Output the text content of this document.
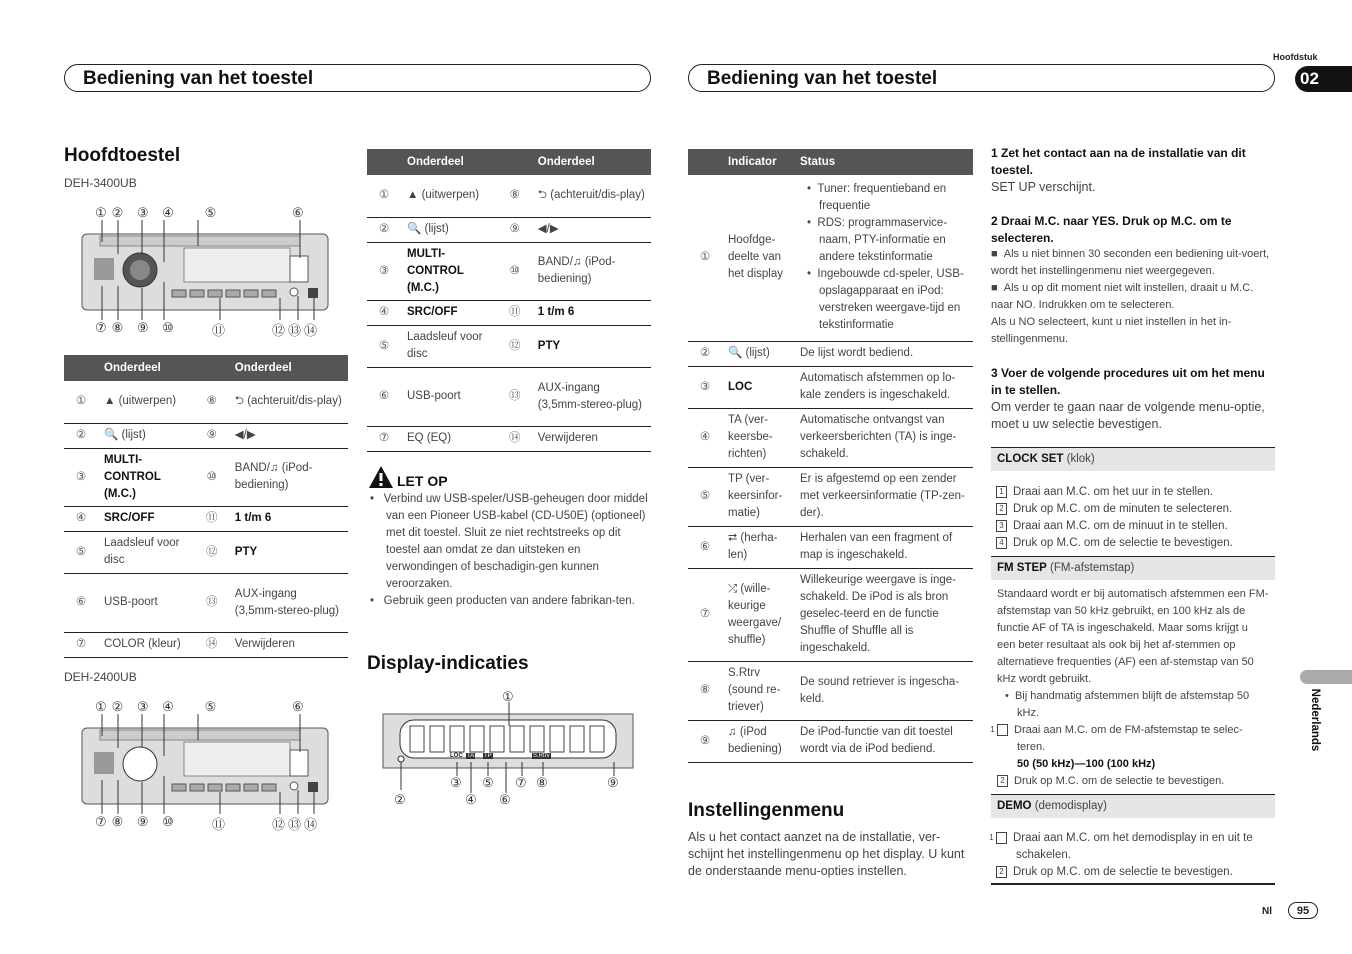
Bediening van het toestel	Bediening van het toestel
Hoofdstuk
02
Nederlands
Nl	95
Hoofdtoestel
DEH-3400UB
①② ③ ④   ⑤	⑥
⑦⑧ ⑨ ⑩	⑪	⑫⑬⑭
	Onderdeel		Onderdeel
①	▲ (uitwerpen)	⑧	⮌ (achteruit/dis-play)
②	🔍 (lijst)	⑨	◀/▶
③	MULTI-CONTROL (M.C.)	⑩	BAND/♫ (iPod-bediening)
④	SRC/OFF	⑪	1 t/m 6
⑤	Laadsleuf voor disc	⑫	PTY
⑥	USB-poort	⑬	AUX-ingang (3,5mm-stereo-plug)
⑦	COLOR (kleur)	⑭	Verwijderen
DEH-2400UB
①② ③ ④   ⑤	⑥
⑦⑧ ⑨ ⑩	⑪	⑫⑬⑭
	Onderdeel		Onderdeel
①	▲ (uitwerpen)	⑧	⮌ (achteruit/dis-play)
②	🔍 (lijst)	⑨	◀/▶
③	MULTI-CONTROL (M.C.)	⑩	BAND/♫ (iPod-bediening)
④	SRC/OFF	⑪	1 t/m 6
⑤	Laadsleuf voor disc	⑫	PTY
⑥	USB-poort	⑬	AUX-ingang (3,5mm-stereo-plug)
⑦	EQ (EQ)	⑭	Verwijderen
LET OP
•   Verbind uw USB-speler/USB-geheugen door middel van een Pioneer USB-kabel (CD-U50E) (optioneel) met dit toestel. Sluit ze niet rechtstreeks op dit toestel aan omdat ze dan uitsteken en verwondingen of beschadigin-gen kunnen veroorzaken.
•   Gebruik geen producten van andere fabrikan-ten.
Display-indicaties
LOC TA TP	S.Rtrv
①
②
③
④
⑤
⑥
⑦ ⑧	⑨
	Indicator	Status
①	Hoofdge-deelte van het display	•  Tuner: frequentieband en frequentie
•  RDS: programmaservice-naam, PTY-informatie en andere tekstinformatie
•  Ingebouwde cd-speler, USB-opslagapparaat en iPod: verstreken weergave-tijd en tekstinformatie

②	🔍 (lijst)	De lijst wordt bediend.
③	LOC	Automatisch afstemmen op lo-kale zenders is ingeschakeld.
④	TA (ver-keersbe-richten)	Automatische ontvangst van verkeersberichten (TA) is inge-schakeld.
⑤	TP (ver-keersinfor-matie)	Er is afgestemd op een zender met verkeersinformatie (TP-zen-der).
⑥	⮂ (herha-len)	Herhalen van een fragment of map is ingeschakeld.
⑦	⤮ (wille-keurige weergave/ shuffle)	Willekeurige weergave is inge-schakeld. De iPod is als bron geselec-teerd en de functie Shuffle of Shuffle all is ingeschakeld.
⑧	S.Rtrv (sound re-triever)	De sound retriever is ingescha-keld.
⑨	♫ (iPod bediening)	De iPod-functie van dit toestel wordt via de iPod bediend.
Instellingenmenu
Als u het contact aanzet na de installatie, ver-schijnt het instellingenmenu op het display. U kunt de onderstaande menu-opties instellen.
1 Zet het contact aan na de installatie van dit toestel.
SET UP verschijnt.
2 Draai M.C. naar YES. Druk op M.C. om te selecteren.
■  Als u niet binnen 30 seconden een bediening uit-voert, wordt het instellingenmenu niet weergegeven.
■  Als u op dit moment niet wilt instellen, draait u M.C. naar NO. Indrukken om te selecteren.
Als u NO selecteert, kunt u niet instellen in het in-stellingenmenu.
3 Voer de volgende procedures uit om het menu in te stellen.
Om verder te gaan naar de volgende menu-optie, moet u uw selectie bevestigen.
CLOCK SET (klok)
1 Draai aan M.C. om het uur in te stellen.
2 Druk op M.C. om de minuten te selecteren.
3 Draai aan M.C. om de minuut in te stellen.
4 Druk op M.C. om de selectie te bevestigen.
FM STEP (FM-afstemstap)
Standaard wordt er bij automatisch afstemmen een FM-afstemstap van 50 kHz gebruikt, en 100 kHz als de functie AF of TA is ingeschakeld. Maar soms krijgt u een beter resultaat als ook bij het af-stemmen op alternatieve frequenties (AF) een af-stemstap van 50 kHz wordt gebruikt.
•  Bij handmatig afstemmen blijft de afstemstap 50 kHz.
1 Draai aan M.C. om de FM-afstemstap te selec-teren.
50 (50 kHz)—100 (100 kHz)
2 Druk op M.C. om de selectie te bevestigen.
DEMO (demodisplay)
1 Draai aan M.C. om het demodisplay in en uit te schakelen.
2 Druk op M.C. om de selectie te bevestigen.
